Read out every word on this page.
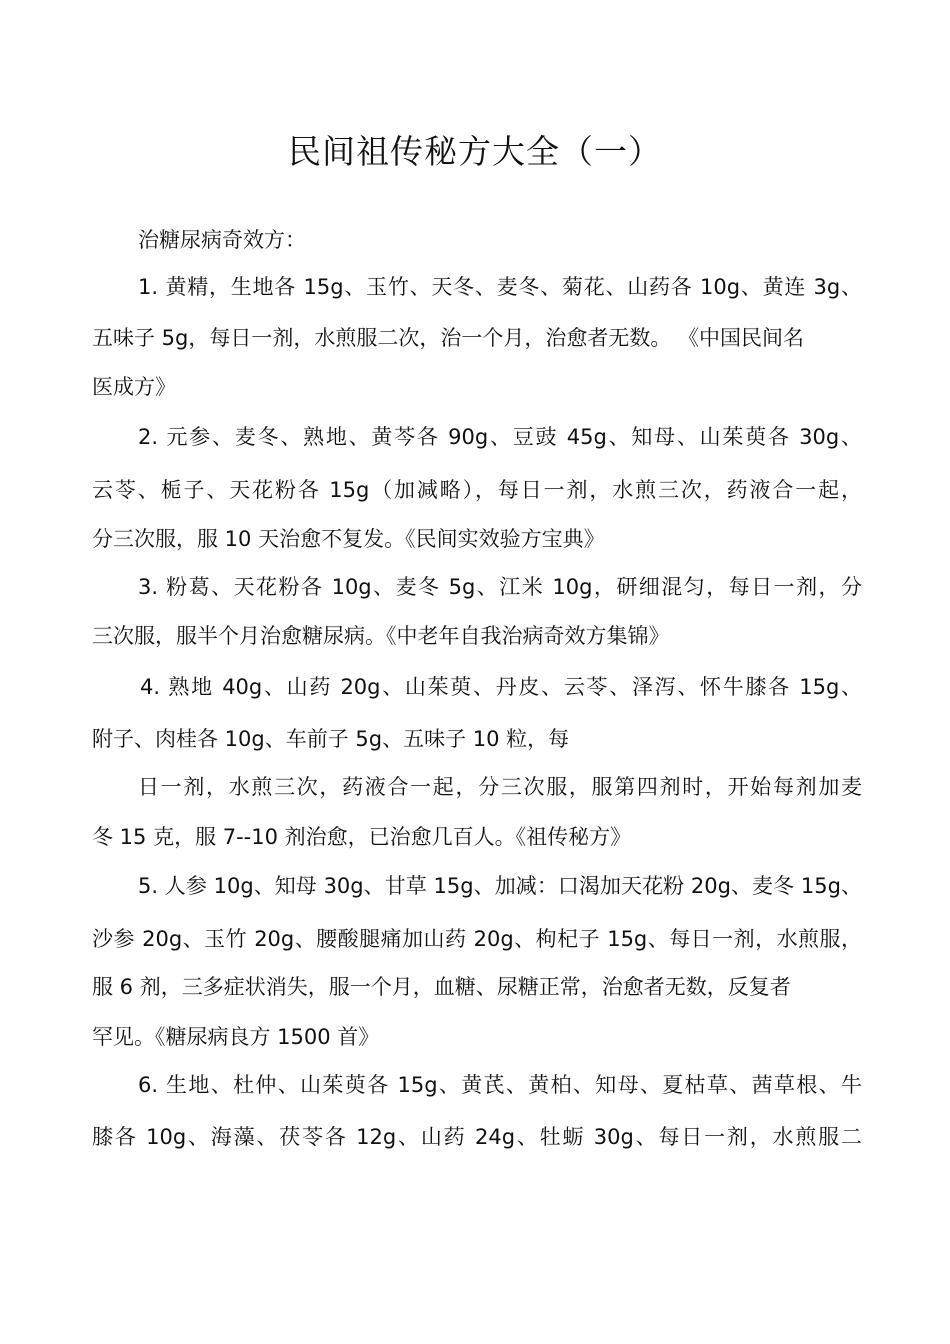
民间祖传秘方大全（一）

治糖尿病奇效方：

1. 黄精，生地各 15g、玉竹、天冬、麦冬、菊花、山药各 10g、黄连 3g、

五味子 5g，每日一剂，水煎服二次，治一个月，治愈者无数。 《中国民间名

医成方》

2. 元参、麦冬、熟地、黄芩各 90g、豆豉 45g、知母、山茱萸各 30g、

云苓、栀子、天花粉各 15g（加减略），每日一剂，水煎三次，药液合一起，

分三次服，服 10 天治愈不复发。《民间实效验方宝典》

3. 粉葛、天花粉各 10g、麦冬 5g、江米 10g，研细混匀，每日一剂，分

三次服，服半个月治愈糖尿病。《中老年自我治病奇效方集锦》

4. 熟地 40g、山药 20g、山茱萸、丹皮、云苓、泽泻、怀牛膝各 15g、

附子、肉桂各 10g、车前子 5g、五味子 10 粒，每

日一剂，水煎三次，药液合一起，分三次服，服第四剂时，开始每剂加麦

冬 15 克，服 7--10 剂治愈，已治愈几百人。《祖传秘方》

5. 人参 10g、知母 30g、甘草 15g、加减：口渴加天花粉 20g、麦冬 15g、

沙参 20g、玉竹 20g、腰酸腿痛加山药 20g、枸杞子 15g、每日一剂，水煎服，

服 6 剂，三多症状消失，服一个月，血糖、尿糖正常，治愈者无数，反复者

罕见。《糖尿病良方 1500 首》

6. 生地、杜仲、山茱萸各 15g、黄芪、黄柏、知母、夏枯草、茜草根、牛

膝各 10g、海藻、茯苓各 12g、山药 24g、牡蛎 30g、每日一剂，水煎服二
